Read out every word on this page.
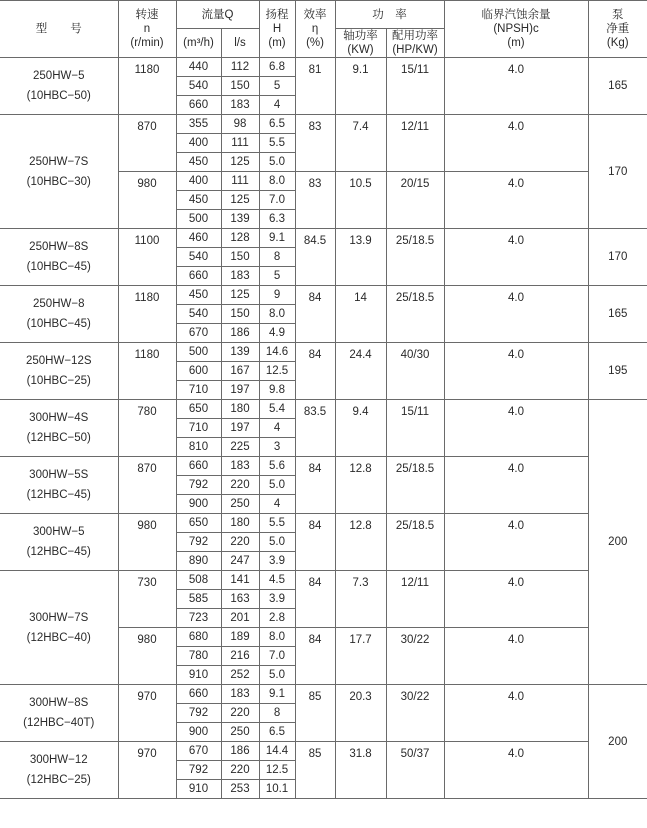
型　　号	转速
n
(r/min)	流量Q		扬程
H
(m)	效率
η
(%)	功　率		临界汽蚀余量
(NPSH)c
(m)	泵
净重
(Kg)
		(m³/h)	l/s			轴功率
(KW)	配用功率
(HP/KW)		
250HW−5
(10HBC−50)	1180	440	112	6.8	81	9.1	15/11	4.0	165
		540	150	5					
		660	183	4					
250HW−7S
(10HBC−30)	870	355	98	6.5	83	7.4	12/11	4.0	170
		400	111	5.5					
		450	125	5.0					
	980	400	111	8.0	83	10.5	20/15	4.0	
		450	125	7.0					
		500	139	6.3					
250HW−8S
(10HBC−45)	1100	460	128	9.1	84.5	13.9	25/18.5	4.0	170
		540	150	8					
		660	183	5					
250HW−8
(10HBC−45)	1180	450	125	9	84	14	25/18.5	4.0	165
		540	150	8.0					
		670	186	4.9					
250HW−12S
(10HBC−25)	1180	500	139	14.6	84	24.4	40/30	4.0	195
		600	167	12.5					
		710	197	9.8					
300HW−4S
(12HBC−50)	780	650	180	5.4	83.5	9.4	15/11	4.0	200
		710	197	4					
		810	225	3					
300HW−5S
(12HBC−45)	870	660	183	5.6	84	12.8	25/18.5	4.0	
		792	220	5.0					
		900	250	4					
300HW−5
(12HBC−45)	980	650	180	5.5	84	12.8	25/18.5	4.0	
		792	220	5.0					
		890	247	3.9					
300HW−7S
(12HBC−40)	730	508	141	4.5	84	7.3	12/11	4.0	
		585	163	3.9					
		723	201	2.8					
	980	680	189	8.0	84	17.7	30/22	4.0	
		780	216	7.0					
		910	252	5.0					
300HW−8S
(12HBC−40T)	970	660	183	9.1	85	20.3	30/22	4.0	200
		792	220	8					
		900	250	6.5					
300HW−12
(12HBC−25)	970	670	186	14.4	85	31.8	50/37	4.0	
		792	220	12.5					
		910	253	10.1					
